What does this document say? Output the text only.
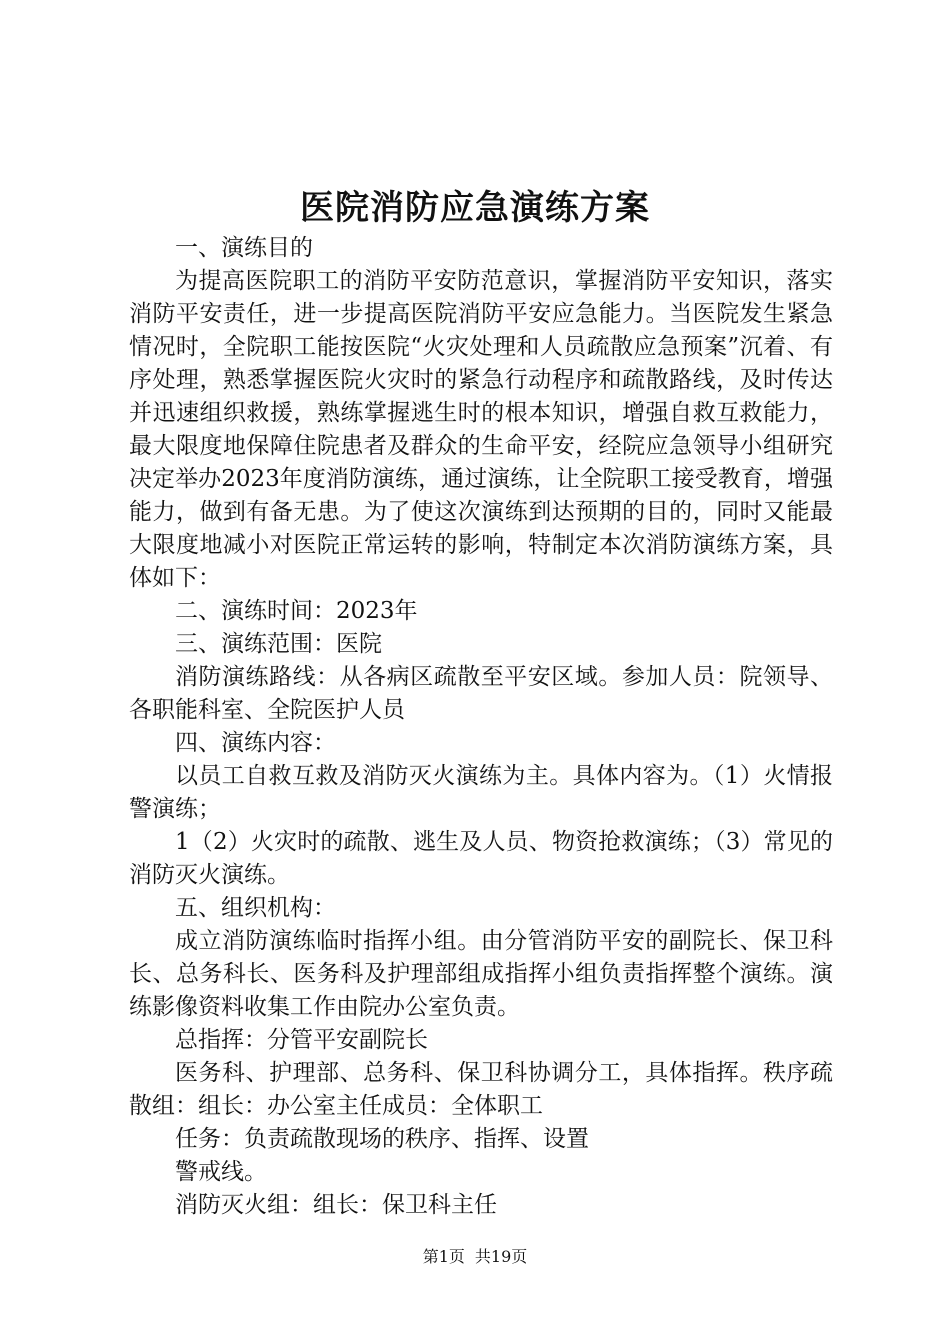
医院消防应急演练方案

一、演练目的

为提高医院职工的消防平安防范意识，掌握消防平安知识，落实消防平安责任，进一步提高医院消防平安应急能力。当医院发生紧急情况时，全院职工能按医院“火灾处理和人员疏散应急预案”沉着、有序处理，熟悉掌握医院火灾时的紧急行动程序和疏散路线，及时传达并迅速组织救援，熟练掌握逃生时的根本知识，增强自救互救能力，最大限度地保障住院患者及群众的生命平安，经院应急领导小组研究决定举办2023年度消防演练，通过演练，让全院职工接受教育，增强能力，做到有备无患。为了使这次演练到达预期的目的，同时又能最大限度地减小对医院正常运转的影响，特制定本次消防演练方案，具体如下：

二、演练时间：2023年

三、演练范围：医院

消防演练路线：从各病区疏散至平安区域。参加人员：院领导、各职能科室、全院医护人员

四、演练内容：

以员工自救互救及消防灭火演练为主。具体内容为。（1）火情报警演练；

1（2）火灾时的疏散、逃生及人员、物资抢救演练；（3）常见的消防灭火演练。

五、组织机构：

成立消防演练临时指挥小组。由分管消防平安的副院长、保卫科长、总务科长、医务科及护理部组成指挥小组负责指挥整个演练。演练影像资料收集工作由院办公室负责。

总指挥：分管平安副院长

医务科、护理部、总务科、保卫科协调分工，具体指挥。秩序疏散组：组长：办公室主任成员：全体职工

任务：负责疏散现场的秩序、指挥、设置

警戒线。

消防灭火组：组长：保卫科主任

第1页 共19页
